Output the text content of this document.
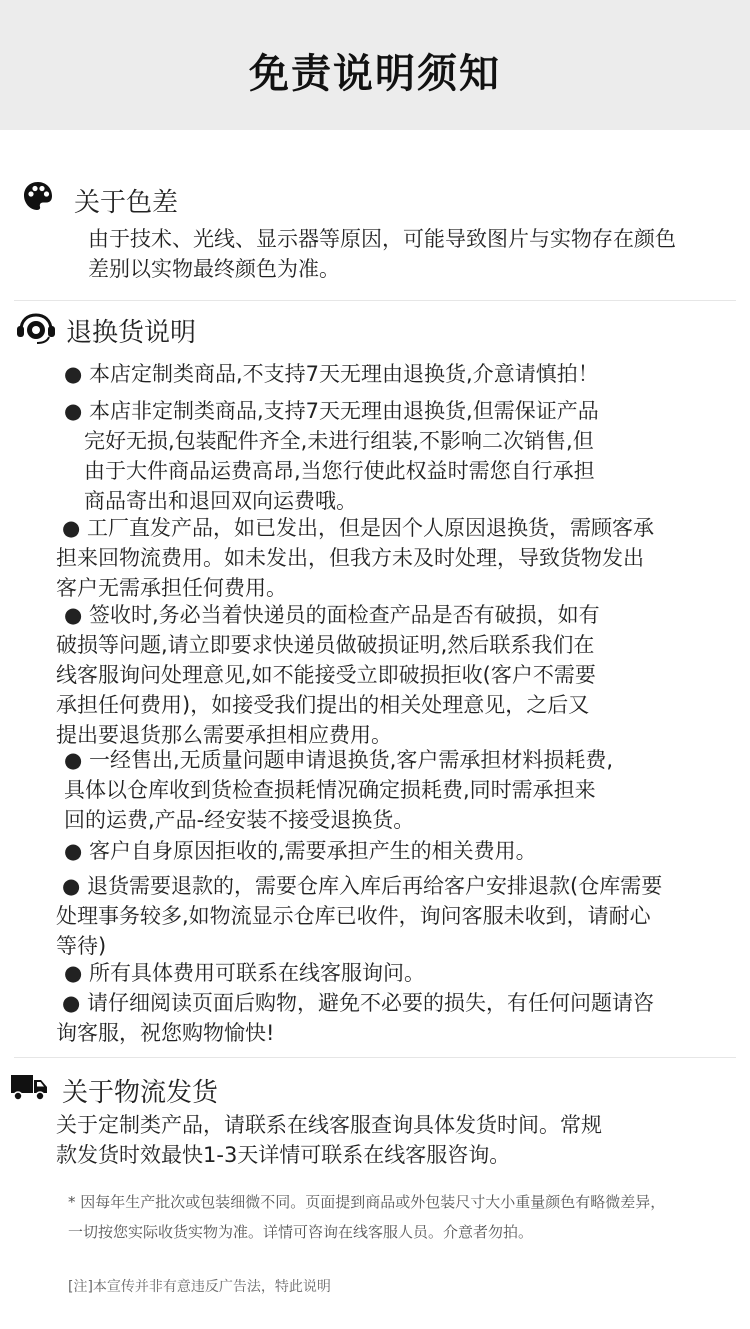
免责说明须知
关于色差
由于技术、光线、显示器等原因，可能导致图片与实物存在颜色
差别以实物最终颜色为准。
退换货说明
● 本店定制类商品,不支持7天无理由退换货,介意请慎拍！
● 本店非定制类商品,支持7天无理由退换货,但需保证产品
完好无损,包装配件齐全,未进行组装,不影响二次销售,但
由于大件商品运费高昂,当您行使此权益时需您自行承担
商品寄出和退回双向运费哦。
● 工厂直发产品，如已发出，但是因个人原因退换货，需顾客承
担来回物流费用。如未发出，但我方未及时处理，导致货物发出
客户无需承担任何费用。
● 签收时,务必当着快递员的面检查产品是否有破损，如有
破损等问题,请立即要求快递员做破损证明,然后联系我们在
线客服询问处理意见,如不能接受立即破损拒收(客户不需要
承担任何费用)，如接受我们提出的相关处理意见，之后又
提出要退货那么需要承担相应费用。
● 一经售出,无质量问题申请退换货,客户需承担材料损耗费,
具体以仓库收到货检查损耗情况确定损耗费,同时需承担来
回的运费,产品-经安装不接受退换货。
● 客户自身原因拒收的,需要承担产生的相关费用。
● 退货需要退款的，需要仓库入库后再给客户安排退款(仓库需要
处理事务较多,如物流显示仓库已收件，询问客服未收到，请耐心
等待)
● 所有具体费用可联系在线客服询问。
● 请仔细阅读页面后购物，避免不必要的损失，有任何问题请咨
询客服，祝您购物愉快!
关于物流发货
关于定制类产品，请联系在线客服查询具体发货时间。常规
款发货时效最快1-3天详情可联系在线客服咨询。
* 因每年生产批次或包装细微不同。页面提到商品或外包装尺寸大小重量颜色有略微差异，
一切按您实际收货实物为准。详情可咨询在线客服人员。介意者勿拍。
[注]本宣传并非有意违反广告法，特此说明
